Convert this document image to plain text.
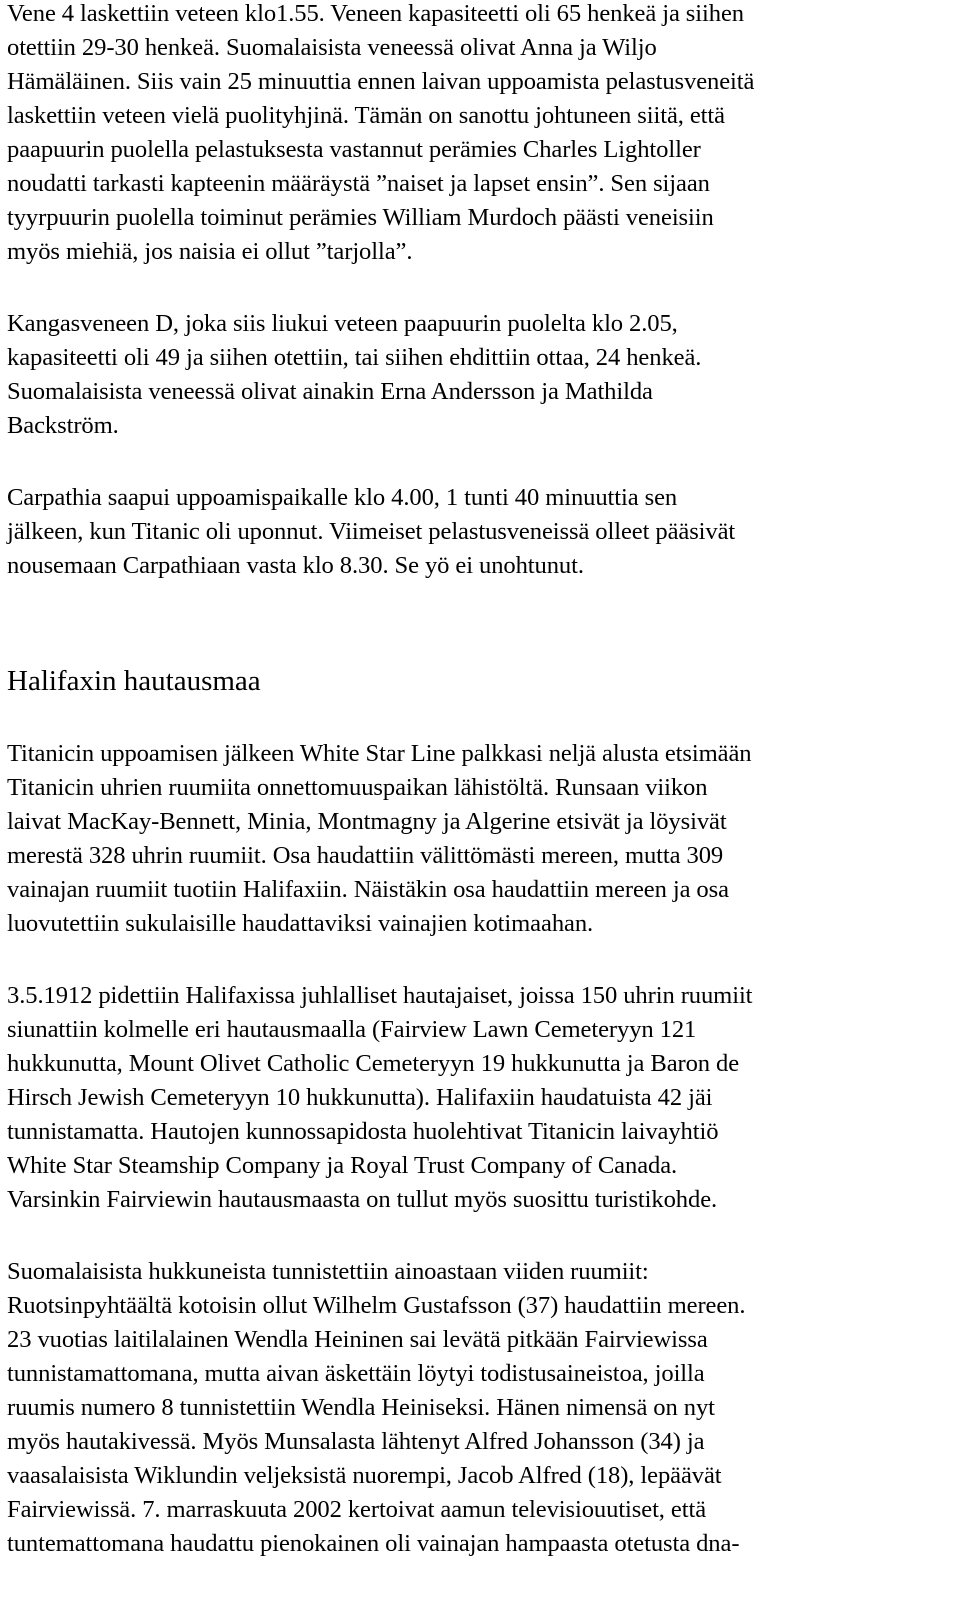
Vene 4 laskettiin veteen klo1.55. Veneen kapasiteetti oli 65 henkeä ja siihen
otettiin 29-30 henkeä. Suomalaisista veneessä olivat Anna ja Wiljo
Hämäläinen. Siis vain 25 minuuttia ennen laivan uppoamista pelastusveneitä
laskettiin veteen vielä puolityhjinä. Tämän on sanottu johtuneen siitä, että
paapuurin puolella pelastuksesta vastannut perämies Charles Lightoller
noudatti tarkasti kapteenin määräystä ”naiset ja lapset ensin”. Sen sijaan
tyyrpuurin puolella toiminut perämies William Murdoch päästi veneisiin
myös miehiä, jos naisia ei ollut ”tarjolla”.
Kangasveneen D, joka siis liukui veteen paapuurin puolelta klo 2.05,
kapasiteetti oli 49 ja siihen otettiin, tai siihen ehdittiin ottaa, 24 henkeä.
Suomalaisista veneessä olivat ainakin Erna Andersson ja Mathilda
Backström.
Carpathia saapui uppoamispaikalle klo 4.00, 1 tunti 40 minuuttia sen
jälkeen, kun Titanic oli uponnut. Viimeiset pelastusveneissä olleet pääsivät
nousemaan Carpathiaan vasta klo 8.30. Se yö ei unohtunut.
Halifaxin hautausmaa
Titanicin uppoamisen jälkeen White Star Line palkkasi neljä alusta etsimään
Titanicin uhrien ruumiita onnettomuuspaikan lähistöltä. Runsaan viikon
laivat MacKay-Bennett, Minia, Montmagny ja Algerine etsivät ja löysivät
merestä 328 uhrin ruumiit. Osa haudattiin välittömästi mereen, mutta 309
vainajan ruumiit tuotiin Halifaxiin. Näistäkin osa haudattiin mereen ja osa
luovutettiin sukulaisille haudattaviksi vainajien kotimaahan.
3.5.1912 pidettiin Halifaxissa juhlalliset hautajaiset, joissa 150 uhrin ruumiit
siunattiin kolmelle eri hautausmaalla (Fairview Lawn Cemeteryyn 121
hukkunutta, Mount Olivet Catholic Cemeteryyn 19 hukkunutta ja Baron de
Hirsch Jewish Cemeteryyn 10 hukkunutta). Halifaxiin haudatuista 42 jäi
tunnistamatta. Hautojen kunnossapidosta huolehtivat Titanicin laivayhtiö
White Star Steamship Company ja Royal Trust Company of Canada.
Varsinkin Fairviewin hautausmaasta on tullut myös suosittu turistikohde.
Suomalaisista hukkuneista tunnistettiin ainoastaan viiden ruumiit:
Ruotsinpyhtäältä kotoisin ollut Wilhelm Gustafsson (37) haudattiin mereen.
23 vuotias laitilalainen Wendla Heininen sai levätä pitkään Fairviewissa
tunnistamattomana, mutta aivan äskettäin löytyi todistusaineistoa, joilla
ruumis numero 8 tunnistettiin Wendla Heiniseksi. Hänen nimensä on nyt
myös hautakivessä. Myös Munsalasta lähtenyt Alfred Johansson (34) ja
vaasalaisista Wiklundin veljeksistä nuorempi, Jacob Alfred (18), lepäävät
Fairviewissä. 7. marraskuuta 2002 kertoivat aamun televisiouutiset, että
tuntemattomana haudattu pienokainen oli vainajan hampaasta otetusta dna-
